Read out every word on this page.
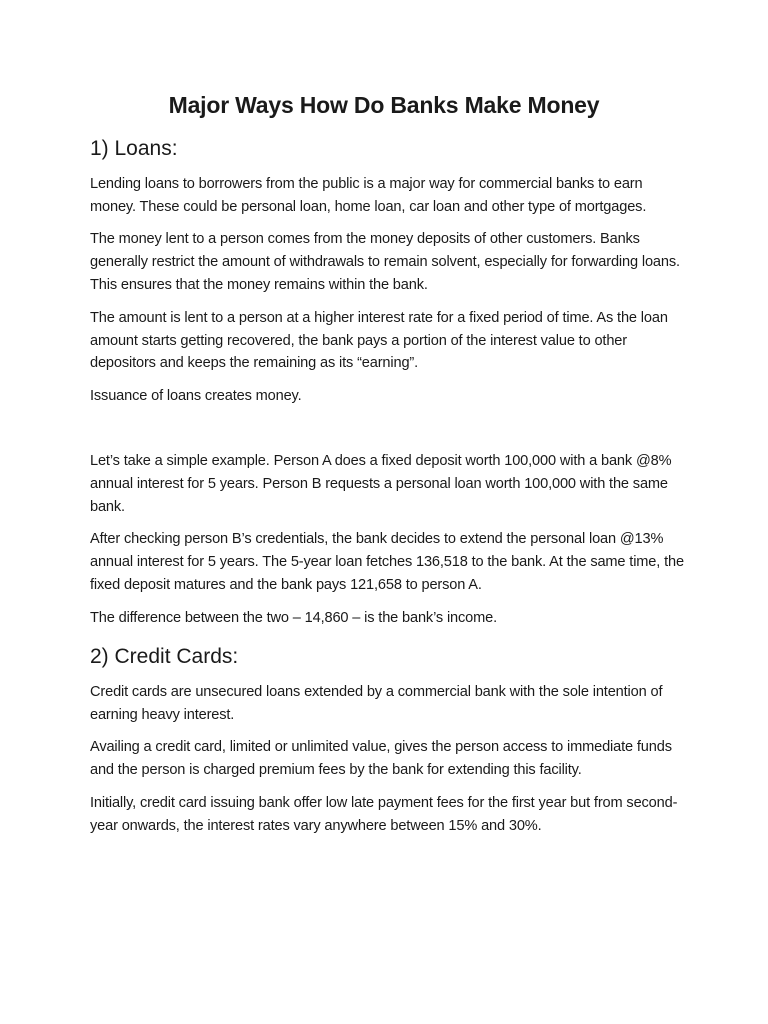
Major Ways How Do Banks Make Money
1) Loans:

Lending loans to borrowers from the public is a major way for commercial banks to earn money. These could be personal loan, home loan, car loan and other type of mortgages.

The money lent to a person comes from the money deposits of other customers. Banks generally restrict the amount of withdrawals to remain solvent, especially for forwarding loans. This ensures that the money remains within the bank.

The amount is lent to a person at a higher interest rate for a fixed period of time. As the loan amount starts getting recovered, the bank pays a portion of the interest value to other depositors and keeps the remaining as its “earning”.

Issuance of loans creates money.

Let’s take a simple example. Person A does a fixed deposit worth 100,000 with a bank @8% annual interest for 5 years. Person B requests a personal loan worth 100,000 with the same bank.

After checking person B’s credentials, the bank decides to extend the personal loan @13% annual interest for 5 years. The 5-year loan fetches 136,518 to the bank. At the same time, the fixed deposit matures and the bank pays 121,658 to person A.

The difference between the two – 14,860 – is the bank’s income.

2) Credit Cards:

Credit cards are unsecured loans extended by a commercial bank with the sole intention of earning heavy interest.

Availing a credit card, limited or unlimited value, gives the person access to immediate funds and the person is charged premium fees by the bank for extending this facility.

Initially, credit card issuing bank offer low late payment fees for the first year but from second-year onwards, the interest rates vary anywhere between 15% and 30%.
